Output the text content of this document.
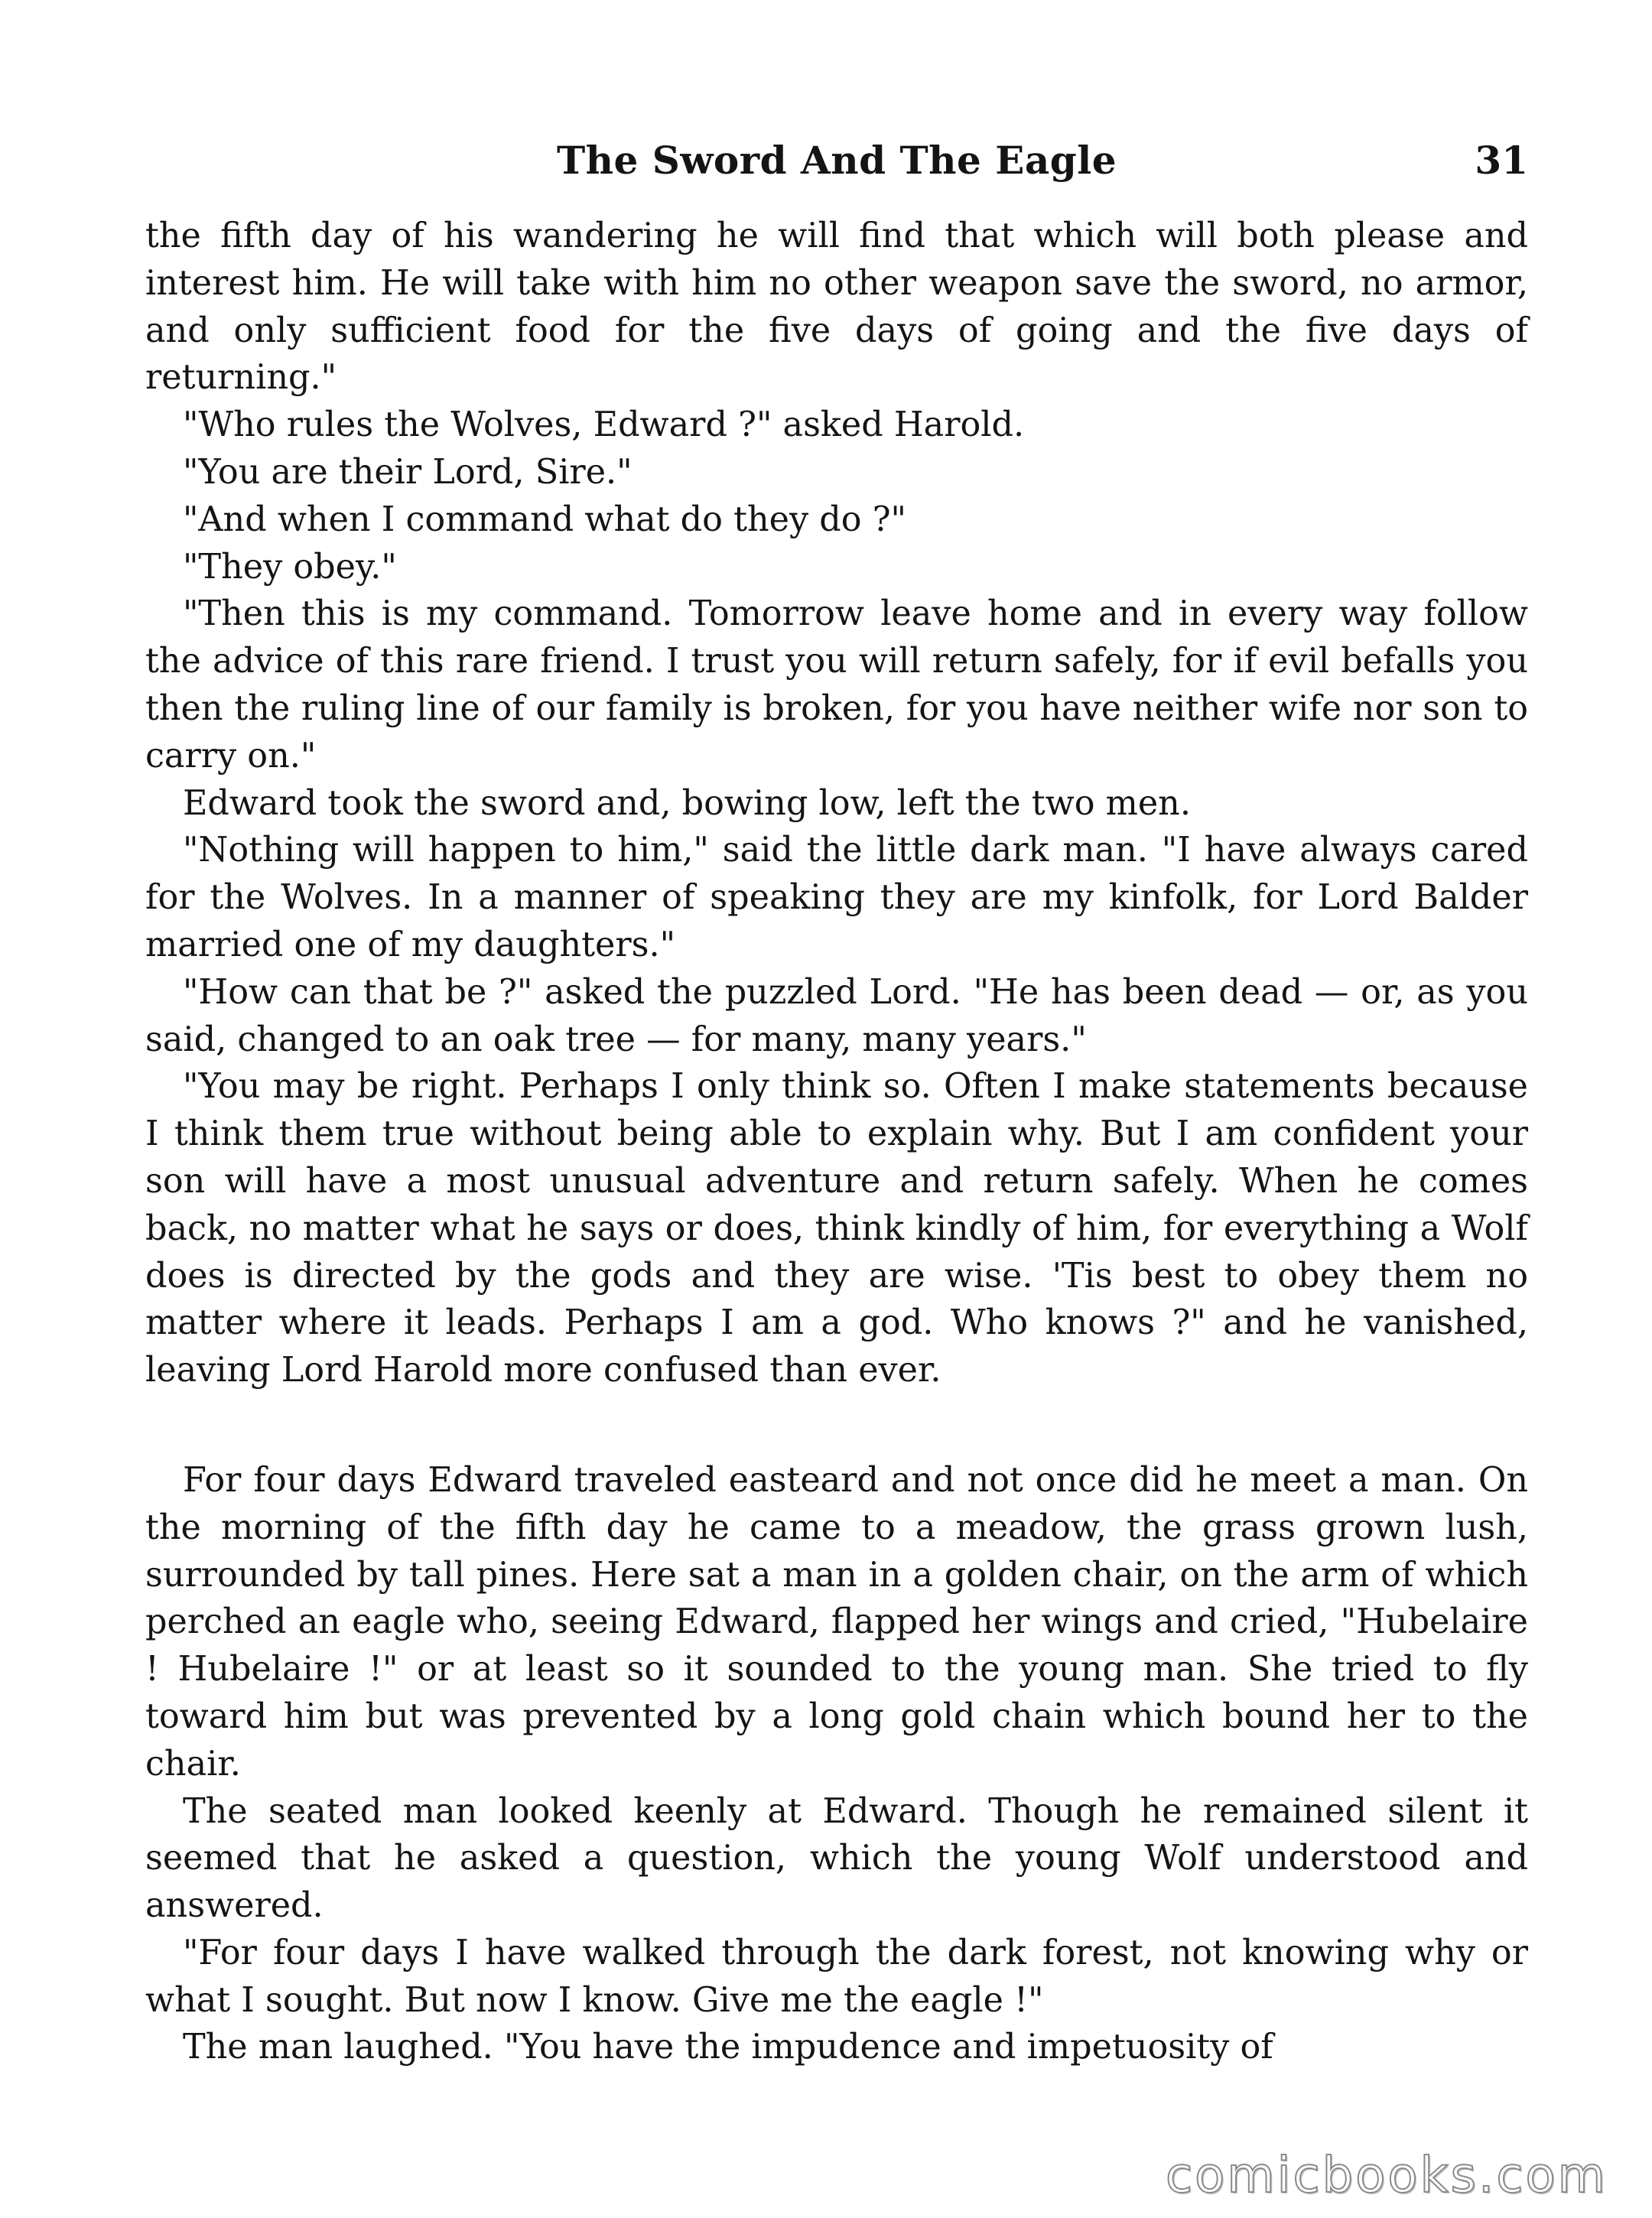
The Sword And The Eagle	31

the fifth day of his wandering he will find that which will both please and interest him. He will take with him no other weapon save the sword, no armor, and only sufficient food for the five days of going and the five days of returning."

"Who rules the Wolves, Edward ?" asked Harold.

"You are their Lord, Sire."

"And when I command what do they do ?"

"They obey."

"Then this is my command. Tomorrow leave home and in every way follow the advice of this rare friend. I trust you will return safely, for if evil befalls you then the ruling line of our family is broken, for you have neither wife nor son to carry on."

Edward took the sword and, bowing low, left the two men.

"Nothing will happen to him," said the little dark man. "I have always cared for the Wolves. In a manner of speaking they are my kinfolk, for Lord Balder married one of my daughters."

"How can that be ?" asked the puzzled Lord. "He has been dead — or, as you said, changed to an oak tree — for many, many years."

"You may be right. Perhaps I only think so. Often I make statements because I think them true without being able to explain why. But I am confident your son will have a most unusual adventure and return safely. When he comes back, no matter what he says or does, think kindly of him, for everything a Wolf does is directed by the gods and they are wise. 'Tis best to obey them no matter where it leads. Perhaps I am a god. Who knows ?" and he vanished, leaving Lord Harold more confused than ever.

For four days Edward traveled easteard and not once did he meet a man. On the morning of the fifth day he came to a meadow, the grass grown lush, surrounded by tall pines. Here sat a man in a golden chair, on the arm of which perched an eagle who, seeing Edward, flapped her wings and cried, "Hubelaire ! Hubelaire !" or at least so it sounded to the young man. She tried to fly toward him but was prevented by a long gold chain which bound her to the chair.

The seated man looked keenly at Edward. Though he remained silent it seemed that he asked a question, which the young Wolf understood and answered.

"For four days I have walked through the dark forest, not knowing why or what I sought. But now I know. Give me the eagle !"

The man laughed. "You have the impudence and impetuosity of

comicbooks.com
